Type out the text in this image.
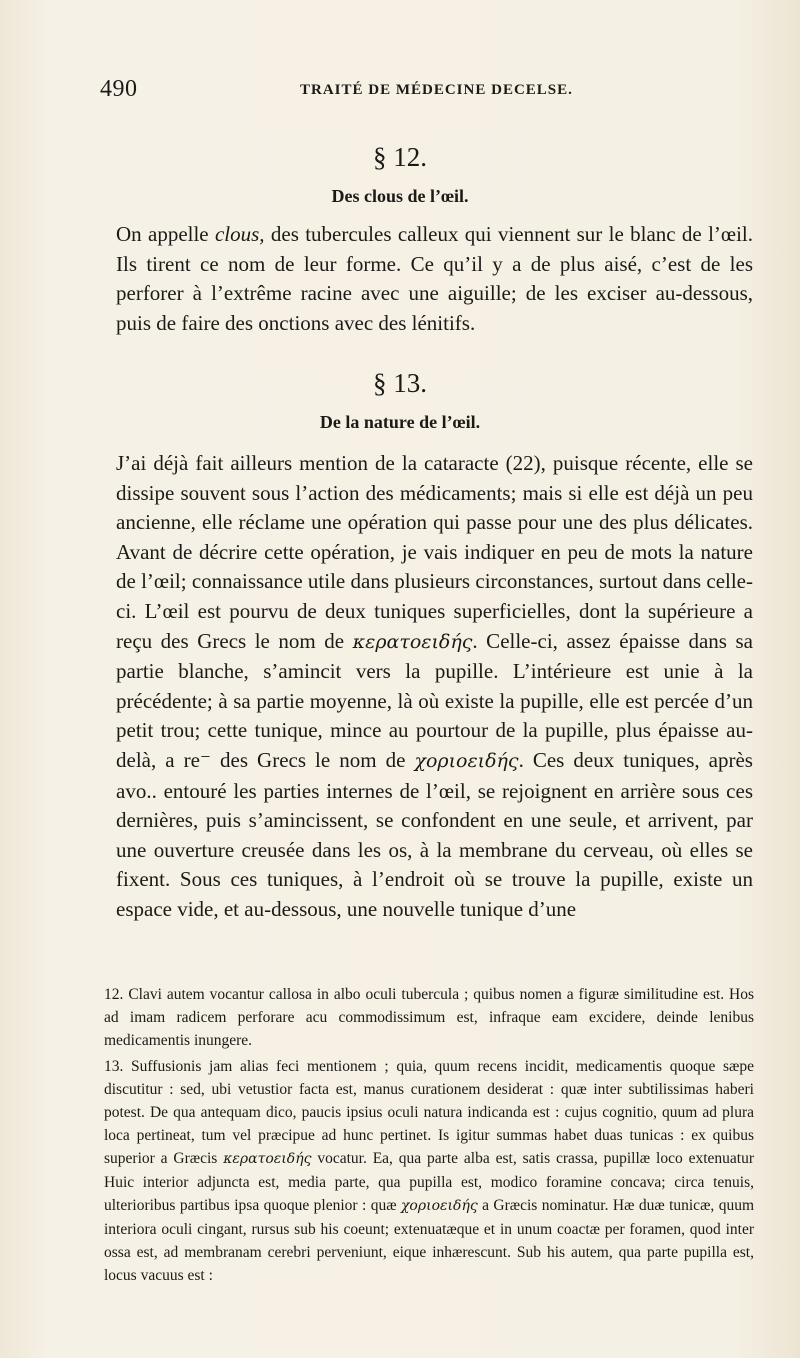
490	TRAITÉ DE MÉDECINE DECELSE.
§ 12.
Des clous de l’œil.

On appelle clous, des tubercules calleux qui viennent sur le blanc de l’œil. Ils tirent ce nom de leur forme. Ce qu’il y a de plus aisé, c’est de les perforer à l’extrême racine avec une aiguille; de les exciser au-dessous, puis de faire des onctions avec des lénitifs.

§ 13.
De la nature de l’œil.

J’ai déjà fait ailleurs mention de la cataracte (22), puisque récente, elle se dissipe souvent sous l’action des médicaments; mais si elle est déjà un peu ancienne, elle réclame une opération qui passe pour une des plus délicates. Avant de décrire cette opération, je vais indiquer en peu de mots la nature de l’œil; connaissance utile dans plusieurs circonstances, surtout dans celle-ci. L’œil est pourvu de deux tuniques superficielles, dont la supérieure a reçu des Grecs le nom de κερατοειδής. Celle-ci, assez épaisse dans sa partie blanche, s’amincit vers la pupille. L’intérieure est unie à la précédente; à sa partie moyenne, là où existe la pupille, elle est percée d’un petit trou; cette tunique, mince au pourtour de la pupille, plus épaisse au-delà, a re⁻ des Grecs le nom de χοριοειδής. Ces deux tuniques, après avo.. entouré les parties internes de l’œil, se rejoignent en arrière sous ces dernières, puis s’amincissent, se confondent en une seule, et arrivent, par une ouverture creusée dans les os, à la membrane du cerveau, où elles se fixent. Sous ces tuniques, à l’endroit où se trouve la pupille, existe un espace vide, et au-dessous, une nouvelle tunique d’une

12. Clavi autem vocantur callosa in albo oculi tubercula ; quibus nomen a figuræ similitudine est. Hos ad imam radicem perforare acu commodissimum est, infraque eam excidere, deinde lenibus medicamentis inungere.
13. Suffusionis jam alias feci mentionem ; quia, quum recens incidit, medicamentis quoque sæpe discutitur : sed, ubi vetustior facta est, manus curationem desiderat : quæ inter subtilissimas haberi potest. De qua antequam dico, paucis ipsius oculi natura indicanda est : cujus cognitio, quum ad plura loca pertineat, tum vel præcipue ad hunc pertinet. Is igitur summas habet duas tunicas : ex quibus superior a Græcis κερατοειδής vocatur. Ea, qua parte alba est, satis crassa, pupillæ loco extenuatur Huic interior adjuncta est, media parte, qua pupilla est, modico foramine concava; circa tenuis, ulterioribus partibus ipsa quoque plenior : quæ χοριοειδής a Græcis nominatur. Hæ duæ tunicæ, quum interiora oculi cingant, rursus sub his coeunt; extenuatæque et in unum coactæ per foramen, quod inter ossa est, ad membranam cerebri perveniunt, eique inhærescunt. Sub his autem, qua parte pupilla est, locus vacuus est :
